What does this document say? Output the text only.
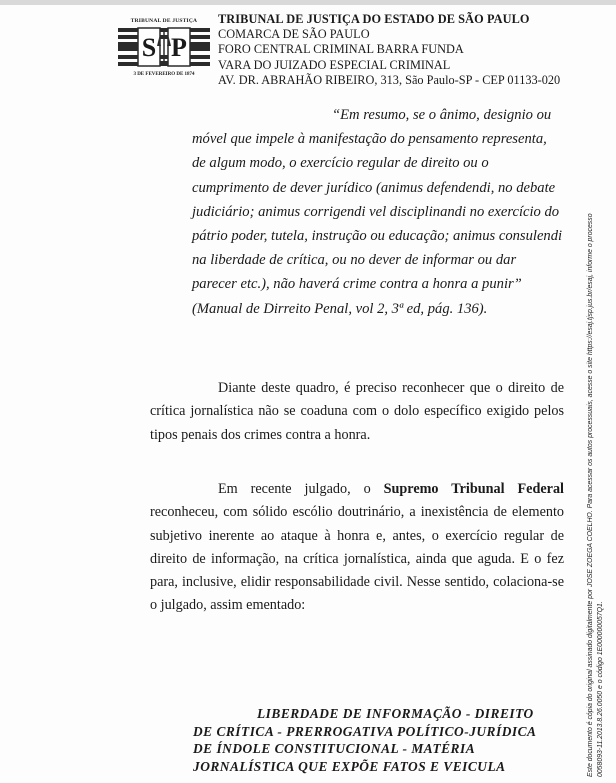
TRIBUNAL DE JUSTIÇA
S P
3 DE FEVEREIRO DE 1874
TRIBUNAL DE JUSTIÇA DO ESTADO DE SÃO PAULO
COMARCA DE SÃO PAULO
FORO CENTRAL CRIMINAL BARRA FUNDA
VARA DO JUIZADO ESPECIAL CRIMINAL
AV. DR. ABRAHÃO RIBEIRO, 313, São Paulo-SP - CEP 01133-020
“Em resumo, se o ânimo, designio ou
móvel que impele à manifestação do pensamento representa,
de algum modo, o exercício regular de direito ou o
cumprimento de dever jurídico (animus defendendi, no debate
judiciário; animus corrigendi vel disciplinandi no exercício do
pátrio poder, tutela, instrução ou educação; animus consulendi
na liberdade de crítica, ou no dever de informar ou dar
parecer etc.), não haverá crime contra a honra a punir”
(Manual de Dirreito Penal, vol 2, 3ª ed, pág. 136).
Diante deste quadro, é preciso reconhecer que o direito de crítica jornalística não se coaduna com o dolo específico exigido pelos tipos penais dos crimes contra a honra.
Em recente julgado, o Supremo Tribunal Federal reconheceu, com sólido escólio doutrinário, a inexistência de elemento subjetivo inerente ao ataque à honra e, antes, o exercício regular de direito de informação, na crítica jornalística, ainda que aguda. E o fez para, inclusive, elidir responsabilidade civil. Nesse sentido, colaciona-se o julgado, assim ementado:
LIBERDADE DE INFORMAÇÃO - DIREITO
DE CRÍTICA - PRERROGATIVA POLÍTICO-JURÍDICA
DE ÍNDOLE CONSTITUCIONAL - MATÉRIA
JORNALÍSTICA QUE EXPÕE FATOS E VEICULA	Este documento é cópia do original assinado digitalmente por JOSE ZOEGA COELHO. Para acessar os autos processuais, acesse o site https://esaj.tjsp.jus.br/esaj, informe o processo 0058093-11.2013.8.26.0050 e o código 1E000000057Q1.
